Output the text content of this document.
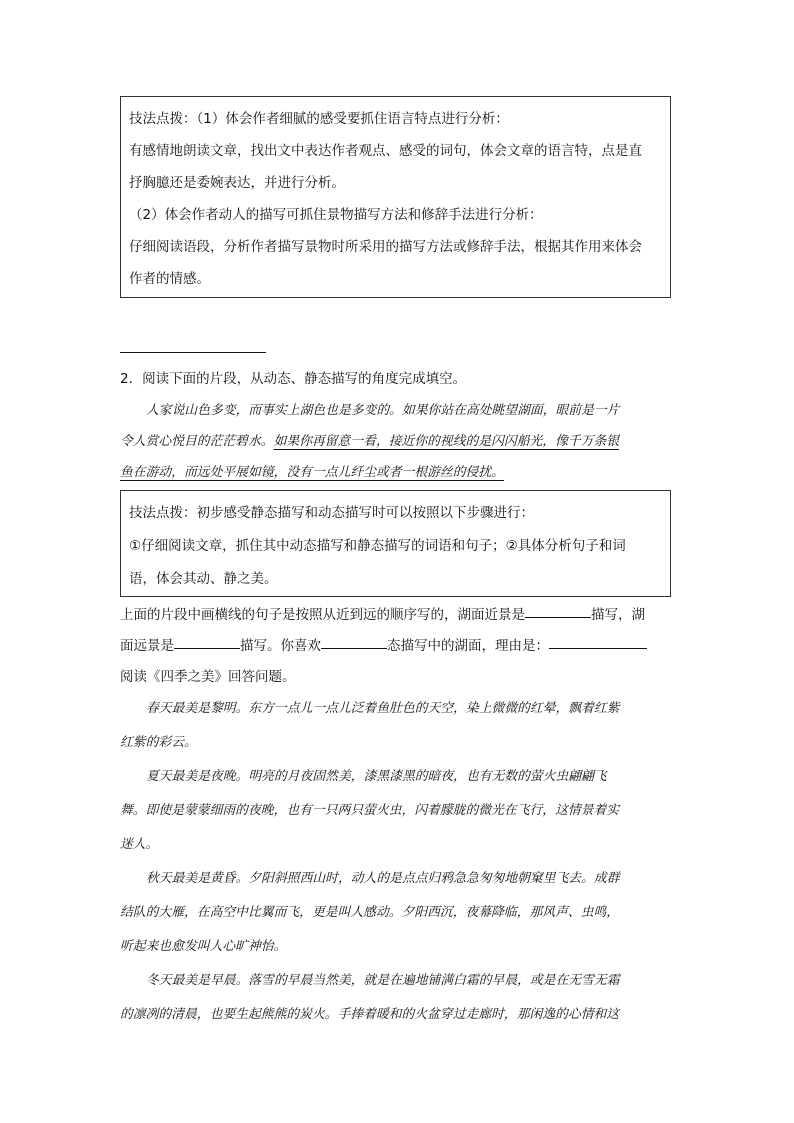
技法点拨：（1）体会作者细腻的感受要抓住语言特点进行分析：
有感情地朗读文章，找出文中表达作者观点、感受的词句，体会文章的语言特，点是直
抒胸臆还是委婉表达，并进行分析。
（2）体会作者动人的描写可抓住景物描写方法和修辞手法进行分析：
仔细阅读语段，分析作者描写景物时所采用的描写方法或修辞手法，根据其作用来体会
作者的情感。
2．阅读下面的片段，从动态、静态描写的角度完成填空。
人家说山色多变，而事实上湖色也是多变的。如果你站在高处眺望湖面，眼前是一片
令人赏心悦目的茫茫碧水。如果你再留意一看，接近你的视线的是闪闪船光，像千万条银
鱼在游动，而远处平展如镜，没有一点儿纤尘或者一根游丝的侵扰。
技法点拨：初步感受静态描写和动态描写时可以按照以下步骤进行：
①仔细阅读文章，抓住其中动态描写和静态描写的词语和句子；②具体分析句子和词
语，体会其动、静之美。
上面的片段中画横线的句子是按照从近到远的顺序写的，湖面近景是	描写，湖
面远景是	描写。你喜欢	态描写中的湖面，理由是：
阅读《四季之美》回答问题。
春天最美是黎明。东方一点儿一点儿泛着鱼肚色的天空，染上微微的红晕，飘着红紫
红紫的彩云。
夏天最美是夜晚。明亮的月夜固然美，漆黑漆黑的暗夜，也有无数的萤火虫翩翩飞
舞。即使是蒙蒙细雨的夜晚，也有一只两只萤火虫，闪着朦胧的微光在飞行，这情景着实
迷人。
秋天最美是黄昏。夕阳斜照西山时，动人的是点点归鸦急急匆匆地朝窠里飞去。成群
结队的大雁，在高空中比翼而飞，更是叫人感动。夕阳西沉，夜幕降临，那风声、虫鸣，
听起来也愈发叫人心旷神怡。
冬天最美是早晨。落雪的早晨当然美，就是在遍地铺满白霜的早晨，或是在无雪无霜
的凛冽的清晨，也要生起熊熊的炭火。手捧着暖和的火盆穿过走廊时，那闲逸的心情和这
